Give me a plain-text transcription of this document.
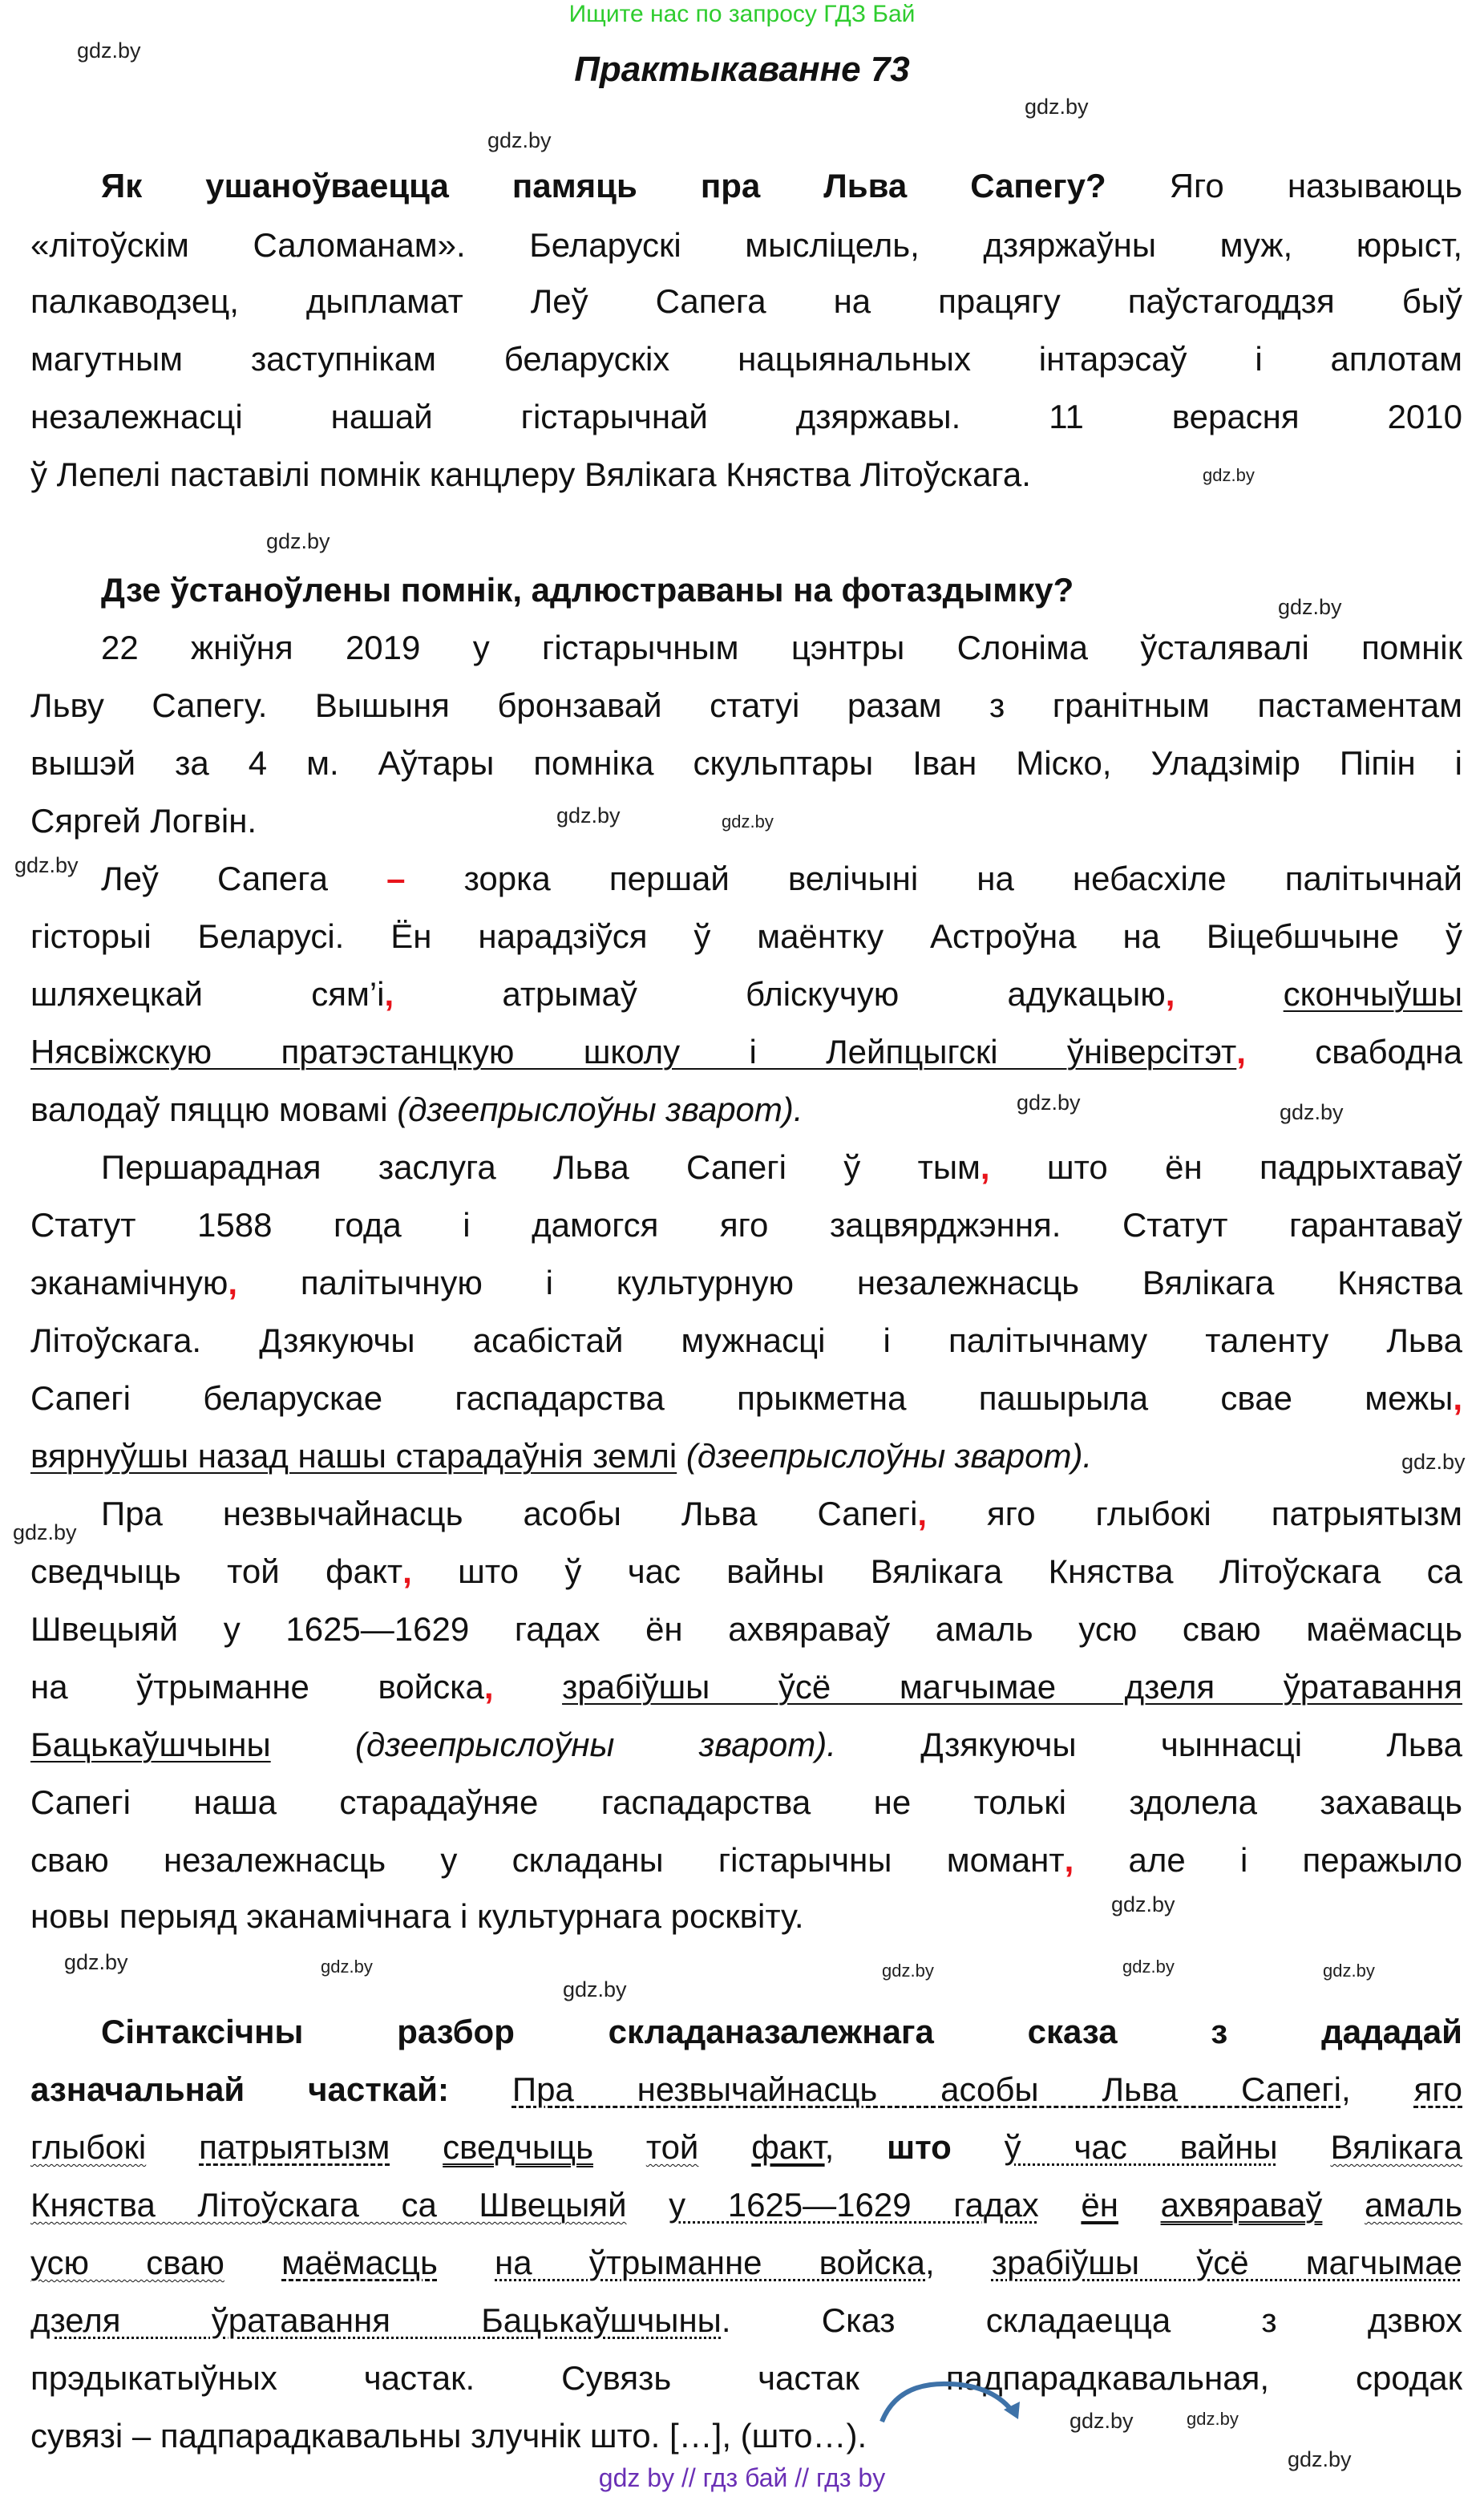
Ищите нас по запросу ГДЗ Бай
Практыкаванне 73
gdz.by
gdz.by
gdz.by
gdz.by
gdz.by
gdz.by
gdz.by
gdz.by
gdz.by
gdz.by	gdz.by
gdz.by	gdz.by
gdz.by
gdz.by
gdz.by
gdz.by
gdz.by
gdz.by
gdz.by
gdz.by
gdz.by
gdz.by
Як ушаноўваецца памяць пра Льва Сапегу? Яго называюць
«літоўскім Саломанам». Беларускі мысліцель, дзяржаўны муж, юрыст,
палкаводзец, дыпламат Леў Сапега на працягу паўстагоддзя быў
магутным заступнікам беларускіх нацыянальных інтарэсаў і аплотам
незалежнасці нашай гістарычнай дзяржавы. 11 верасня 2010
ў Лепелі паставілі помнік канцлеру Вялікага Княства Літоўскага.
Дзе ўстаноўлены помнік, адлюстраваны на фотаздымку?
22 жніўня 2019 у гістарычным цэнтры Слоніма ўсталявалі помнік
Льву Сапегу. Вышыня бронзавай статуі разам з гранітным пастаментам
вышэй за 4 м. Аўтары помніка скульптары Іван Міско, Уладзімір Піпін і
Сяргей Логвін.
Леў Сапега – зорка першай велічыні на небасхіле палітычнай
гісторыі Беларусі. Ён нарадзіўся ў маёнтку Астроўна на Віцебшчыне ў
шляхецкай сям’і, атрымаў бліскучую адукацыю,	скончыўшы
Нясвіжскую пратэстанцкую школу і Лейпцыгскі ўніверсітэт, свабодна
валодаў пяццю мовамі (дзеепрыслоўны зварот).
Першарадная заслуга Льва Сапегі ў тым, што ён падрыхтаваў
Статут 1588 года і дамогся яго зацвярджэння. Статут гарантаваў
эканамічную, палітычную і культурную незалежнасць Вялікага Княства
Літоўскага. Дзякуючы асабістай мужнасці і палітычнаму таленту Льва
Сапегі беларускае гаспадарства прыкметна пашырыла свае межы,
вярнуўшы назад нашы старадаўнія землі (дзеепрыслоўны зварот).
Пра незвычайнасць асобы Льва Сапегі, яго глыбокі патрыятызм
сведчыць той факт, што ў час вайны Вялікага Княства Літоўскага са
Швецыяй у 1625—1629 гадах ён ахвяраваў амаль усю сваю маёмасць
на ўтрыманне войска, зрабіўшы ўсё магчымае дзеля ўратавання
Бацькаўшчыны	(дзеепрыслоўны зварот). Дзякуючы чыннасці Льва
Сапегі наша старадаўняе гаспадарства не толькі здолела захаваць
сваю незалежнасць у складаны гістарычны момант, але і перажыло
новы перыяд эканамічнага і культурнага росквіту.
Сінтаксічны разбор складаназалежнага сказа з дададай
азначальнай часткай: Пра незвычайнасць асобы Льва Сапегі, яго
глыбокі патрыятызм сведчыць той факт, што ў час вайны Вялікага
Княства Літоўскага са Швецыяй у 1625—1629 гадах ён ахвяраваў амаль
усю сваю маёмасць на ўтрыманне войска, зрабіўшы ўсё магчымае
дзеля ўратавання Бацькаўшчыны. Сказ складаецца з дзвюх
прэдыкатыўных частак. Сувязь частак падпарадкавальная, сродак
сувязі – падпарадкавальны злучнік што. […], (што…).
gdz by // гдз бай // гдз by
